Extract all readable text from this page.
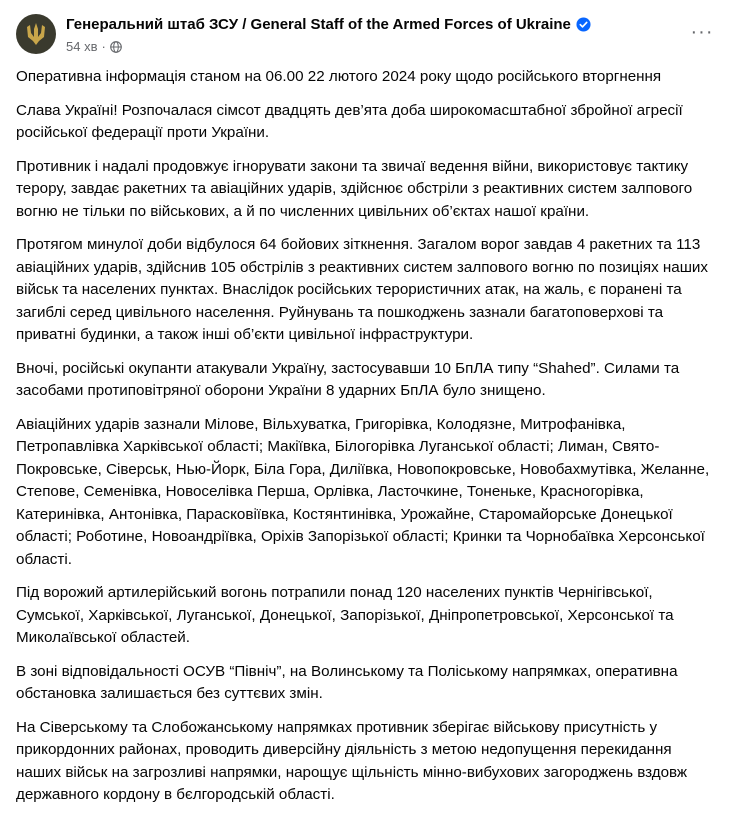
Генеральний штаб ЗСУ / General Staff of the Armed Forces of Ukraine
54 хв ·
···

Оперативна інформація станом на 06.00 22 лютого 2024 року щодо російського вторгнення

Слава Україні! Розпочалася сімсот двадцять дев’ята доба широкомасштабної збройної агресії російської федерації проти України.

Противник і надалі продовжує ігнорувати закони та звичаї ведення війни, використовує тактику терору, завдає ракетних та авіаційних ударів, здійснює обстріли з реактивних систем залпового вогню не тільки по військових, а й по численних цивільних об’єктах нашої країни.

Протягом минулої доби відбулося 64 бойових зіткнення. Загалом ворог завдав 4 ракетних та 113 авіаційних ударів, здійснив 105 обстрілів з реактивних систем залпового вогню по позиціях наших військ та населених пунктах. Внаслідок російських терористичних атак, на жаль, є поранені та загиблі серед цивільного населення. Руйнувань та пошкоджень зазнали багатоповерхові та приватні будинки, а також інші об’єкти цивільної інфраструктури.

Вночі, російські окупанти атакували Україну, застосувавши 10 БпЛА типу “Shahed”. Силами та засобами протиповітряної оборони України 8 ударних БпЛА було знищено.

Авіаційних ударів зазнали Мілове, Вільхуватка, Григорівка, Колодязне, Митрофанівка, Петропавлівка Харківської області; Макіївка, Білогорівка Луганської області; Лиман, Свято-Покровське, Сіверськ, Нью-Йорк, Біла Гора, Диліївка, Новопокровське, Новобахмутівка, Желанне, Степове, Семенівка, Новоселівка Перша, Орлівка, Ласточкине, Тоненьке, Красногорівка, Катеринівка, Антонівка, Парасковіївка, Костянтинівка, Урожайне, Старомайорське Донецької області; Роботине, Новоандріївка, Оріхів Запорізької області; Кринки та Чорнобаївка Херсонської області.

Під ворожий артилерійський вогонь потрапили понад 120 населених пунктів Чернігівської, Сумської, Харківської, Луганської, Донецької, Запорізької, Дніпропетровської, Херсонської та Миколаївської областей.

В зоні відповідальності ОСУВ “Північ”, на Волинському та Поліському напрямках, оперативна обстановка залишається без суттєвих змін.

На Сіверському та Слобожанському напрямках противник зберігає військову присутність у прикордонних районах, проводить диверсійну діяльність з метою недопущення перекидання наших військ на загрозливі напрямки, нарощує щільність мінно-вибухових загороджень вздовж державного кордону в бєлгородській області.
